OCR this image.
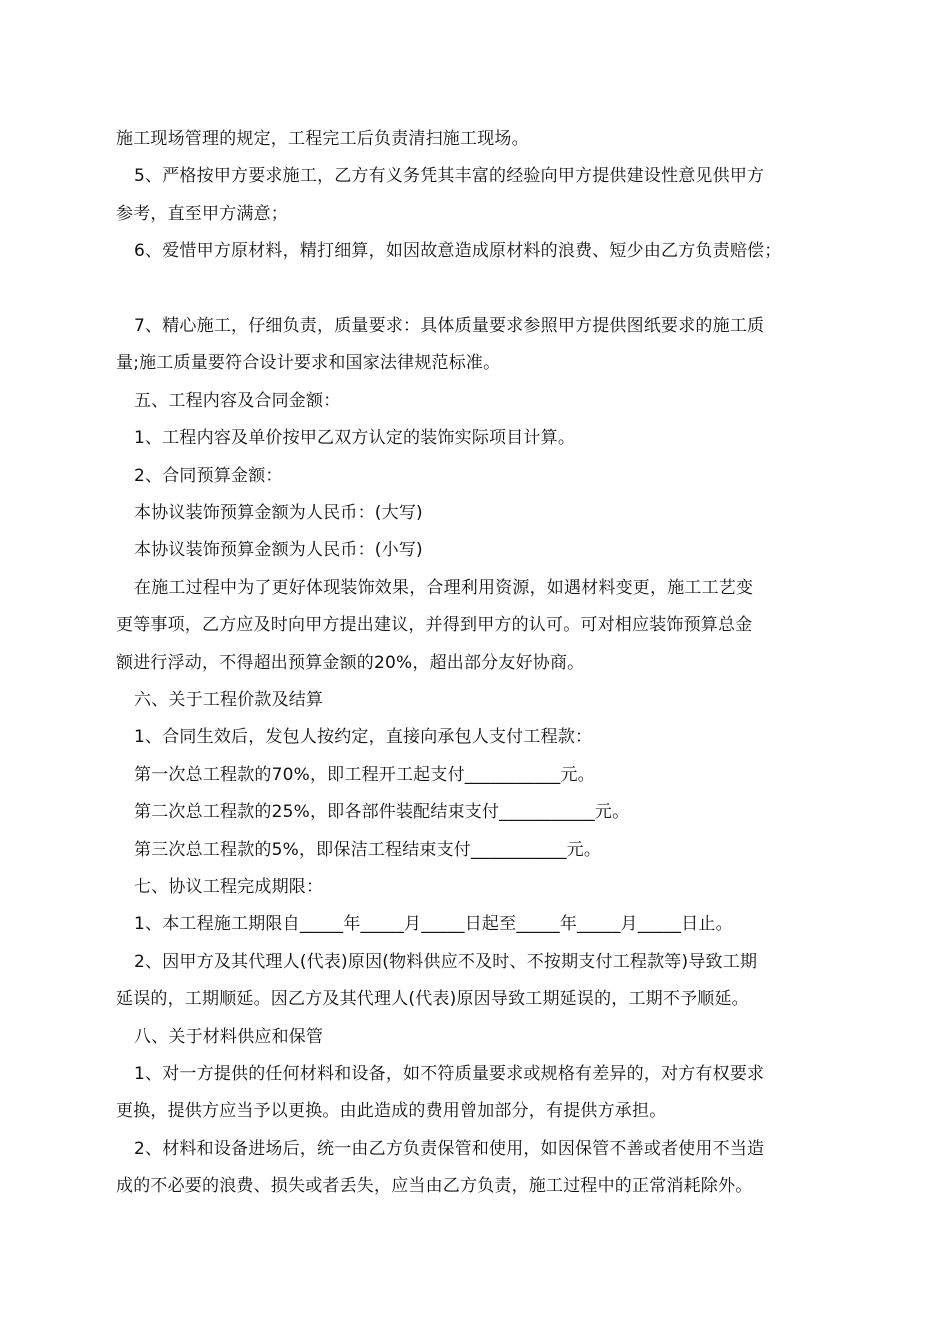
施工现场管理的规定，工程完工后负责清扫施工现场。
5、严格按甲方要求施工，乙方有义务凭其丰富的经验向甲方提供建设性意见供甲方
参考，直至甲方满意；
6、爱惜甲方原材料，精打细算，如因故意造成原材料的浪费、短少由乙方负责赔偿；
7、精心施工，仔细负责，质量要求：具体质量要求参照甲方提供图纸要求的施工质
量;施工质量要符合设计要求和国家法律规范标准。
五、工程内容及合同金额：
1、工程内容及单价按甲乙双方认定的装饰实际项目计算。
2、合同预算金额：
本协议装饰预算金额为人民币：(大写)
本协议装饰预算金额为人民币：(小写)
在施工过程中为了更好体现装饰效果，合理利用资源，如遇材料变更，施工工艺变
更等事项，乙方应及时向甲方提出建议，并得到甲方的认可。可对相应装饰预算总金
额进行浮动，不得超出预算金额的20%，超出部分友好协商。
六、关于工程价款及结算
1、合同生效后，发包人按约定，直接向承包人支付工程款：
第一次总工程款的70%，即工程开工起支付___________元。
第二次总工程款的25%，即各部件装配结束支付___________元。
第三次总工程款的5%，即保洁工程结束支付___________元。
七、协议工程完成期限：
1、本工程施工期限自_____年_____月_____日起至_____年_____月_____日止。
2、因甲方及其代理人(代表)原因(物料供应不及时、不按期支付工程款等)导致工期
延误的，工期顺延。因乙方及其代理人(代表)原因导致工期延误的，工期不予顺延。
八、关于材料供应和保管
1、对一方提供的任何材料和设备，如不符质量要求或规格有差异的，对方有权要求
更换，提供方应当予以更换。由此造成的费用曾加部分，有提供方承担。
2、材料和设备进场后，统一由乙方负责保管和使用，如因保管不善或者使用不当造
成的不必要的浪费、损失或者丢失，应当由乙方负责，施工过程中的正常消耗除外。
